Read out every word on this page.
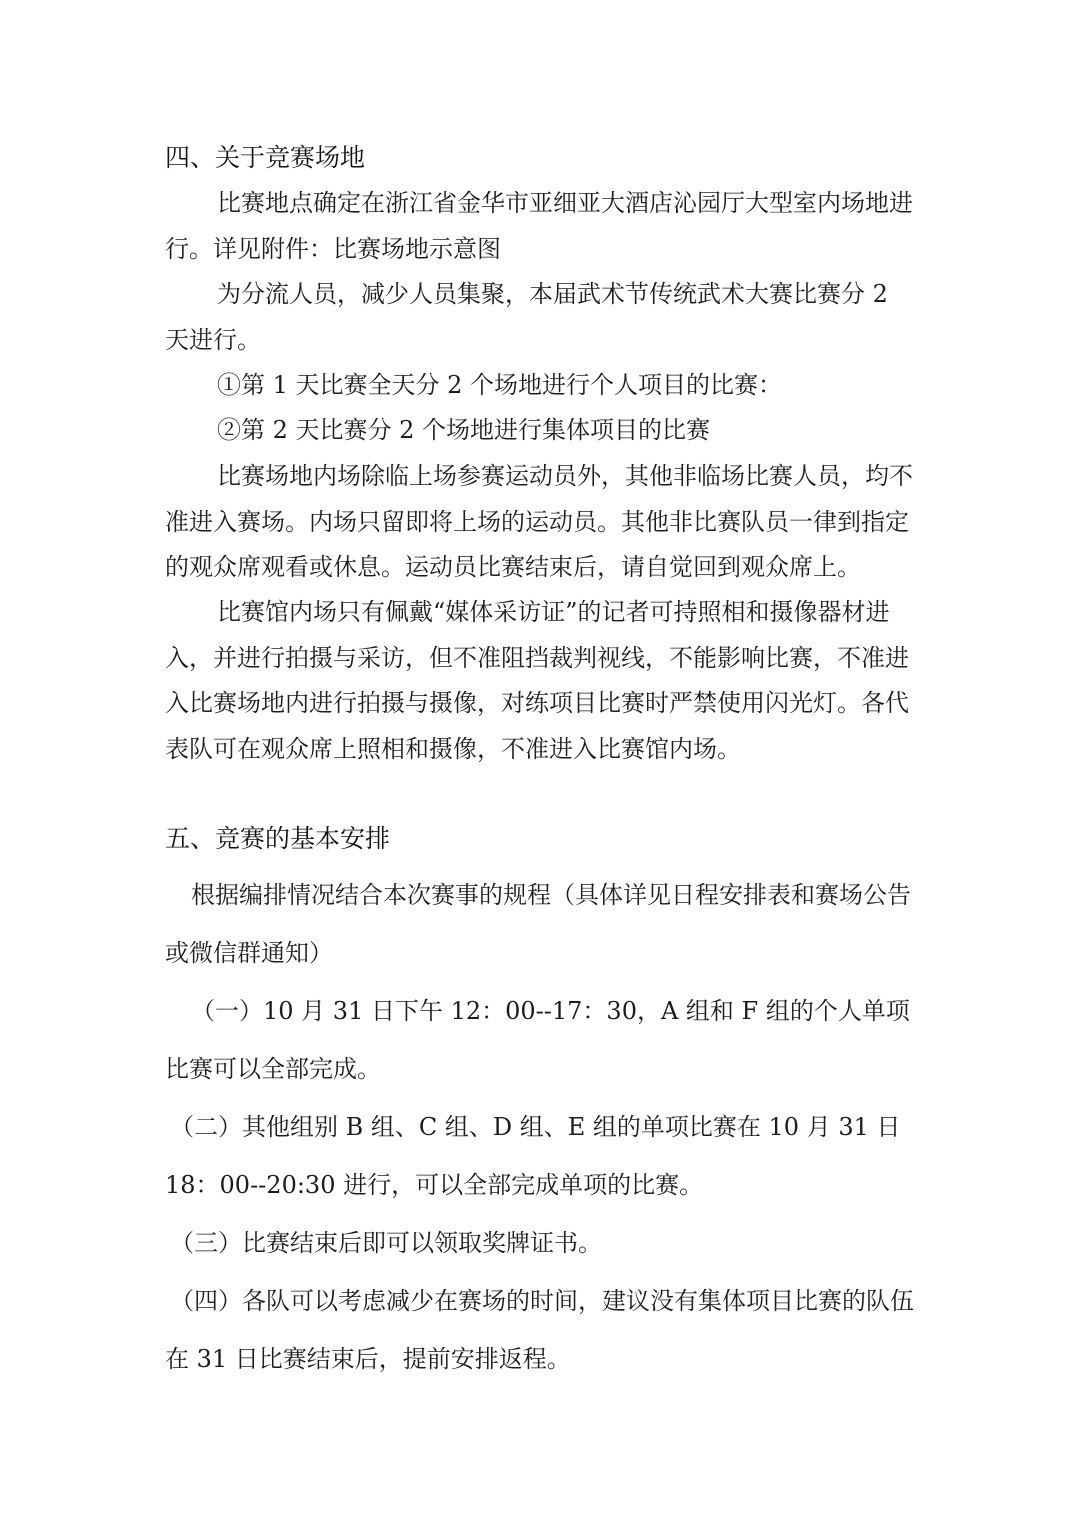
四、关于竞赛场地

比赛地点确定在浙江省金华市亚细亚大酒店沁园厅大型室内场地进行。详见附件：比赛场地示意图

为分流人员，减少人员集聚，本届武术节传统武术大赛比赛分 2 天进行。

①第 1 天比赛全天分 2 个场地进行个人项目的比赛：

②第 2 天比赛分 2 个场地进行集体项目的比赛

比赛场地内场除临上场参赛运动员外，其他非临场比赛人员，均不准进入赛场。内场只留即将上场的运动员。其他非比赛队员一律到指定的观众席观看或休息。运动员比赛结束后，请自觉回到观众席上。

比赛馆内场只有佩戴“媒体采访证”的记者可持照相和摄像器材进入，并进行拍摄与采访，但不准阻挡裁判视线，不能影响比赛，不准进入比赛场地内进行拍摄与摄像，对练项目比赛时严禁使用闪光灯。各代表队可在观众席上照相和摄像，不准进入比赛馆内场。

五、竞赛的基本安排

根据编排情况结合本次赛事的规程（具体详见日程安排表和赛场公告或微信群通知）

（一）10 月 31 日下午 12：00--17：30，A 组和 F 组的个人单项比赛可以全部完成。

（二）其他组别 B 组、C 组、D 组、E 组的单项比赛在 10 月 31 日 18：00--20:30 进行，可以全部完成单项的比赛。

（三）比赛结束后即可以领取奖牌证书。

（四）各队可以考虑减少在赛场的时间，建议没有集体项目比赛的队伍在 31 日比赛结束后，提前安排返程。
